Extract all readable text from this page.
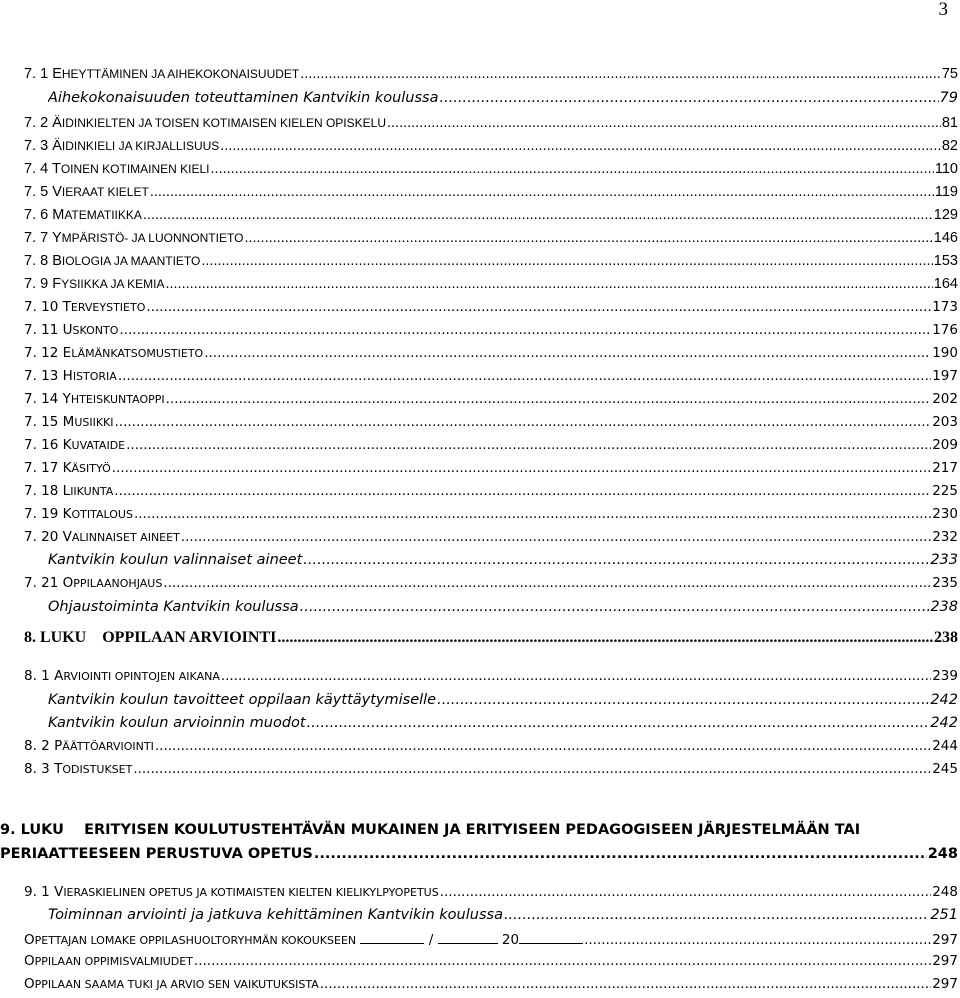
3
7. 1 EHEYTTÄMINEN JA AIHEKOKONAISUUDET .....	75
Aihekokonaisuuden toteuttaminen Kantvikin koulussa .....	79
7. 2 ÄIDINKIELTEN JA TOISEN KOTIMAISEN KIELEN OPISKELU .....	81
7. 3 ÄIDINKIELI JA KIRJALLISUUS .....	82
7. 4 TOINEN KOTIMAINEN KIELI .....	110
7. 5 VIERAAT KIELET .....	119
7. 6 MATEMATIIKKA .....	129
7. 7 YMPÄRISTÖ- JA LUONNONTIETO .....	146
7. 8 BIOLOGIA JA MAANTIETO .....	153
7. 9 FYSIIKKA JA KEMIA .....	164
7. 10 TERVEYSTIETO .....	173
7. 11 USKONTO .....	176
7. 12 ELÄMÄNKATSOMUSTIETO .....	190
7. 13 HISTORIA .....	197
7. 14 YHTEISKUNTAOPPI .....	202
7. 15 MUSIIKKI .....	203
7. 16 KUVATAIDE .....	209
7. 17 KÄSITYÖ .....	217
7. 18 LIIKUNTA .....	225
7. 19 KOTITALOUS .....	230
7. 20 VALINNAISET AINEET .....	232
Kantvikin koulun valinnaiset aineet .....	233
7. 21 OPPILAANOHJAUS .....	235
Ohjaustoiminta Kantvikin koulussa .....	238
8. LUKU    OPPILAAN ARVIOINTI .....	238
8. 1 ARVIOINTI OPINTOJEN AIKANA .....	239
Kantvikin koulun tavoitteet oppilaan käyttäytymiselle .....	242
Kantvikin koulun arvioinnin muodot .....	242
8. 2 PÄÄTTÖARVIOINTI .....	244
8. 3 TODISTUKSET .....	245
9. LUKU    ERITYISEN KOULUTUSTEHTÄVÄN MUKAINEN JA ERITYISEEN PEDAGOGISEEN JÄRJESTELMÄÄN TAI
PERIAATTEESEEN PERUSTUVA OPETUS .....	248
9. 1 VIERASKIELINEN OPETUS JA KOTIMAISTEN KIELTEN KIELIKYLPYOPETUS .....	248
Toiminnan arviointi ja jatkuva kehittäminen Kantvikin koulussa .....	251
OPETTAJAN LOMAKE OPPILASHUOLTORYHMÄN KOKOUKSEEN	/	20 .....	297
OPPILAAN OPPIMISVALMIUDET .....	297
OPPILAAN SAAMA TUKI JA ARVIO SEN VAIKUTUKSISTA .....	297
